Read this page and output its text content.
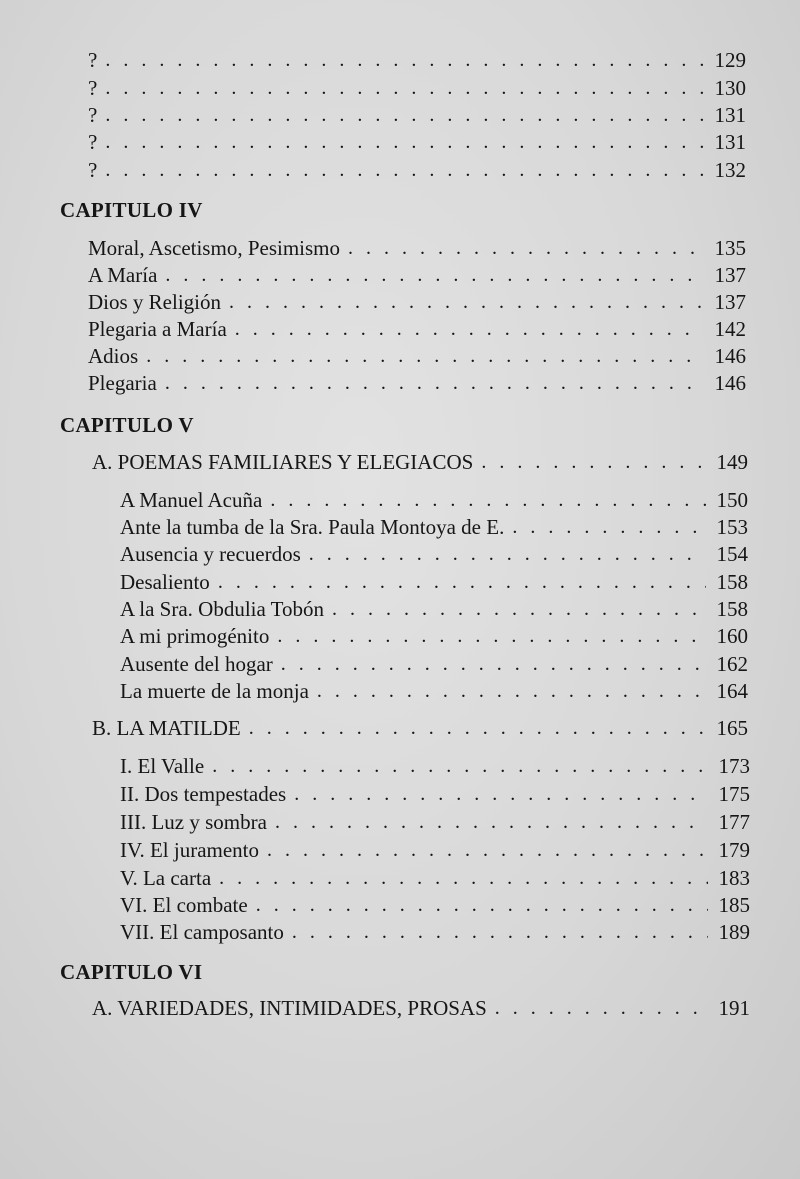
? . . .	129
? . . .	130
? . . .	131
? . . .	131
? . . .	132
CAPITULO IV
Moral, Ascetismo, Pesimismo . . .	135
A María . . .	137
Dios y Religión . . .	137
Plegaria a María . . .	142
Adios . . .	146
Plegaria . . .	146
CAPITULO V
A. POEMAS FAMILIARES Y ELEGIACOS . . .	149
A Manuel Acuña . . .	150
Ante la tumba de la Sra. Paula Montoya de E. . . .	153
Ausencia y recuerdos . . .	154
Desaliento . . .	158
A la Sra. Obdulia Tobón . . .	158
A mi primogénito . . .	160
Ausente del hogar . . .	162
La muerte de la monja . . .	164
B. LA MATILDE . . .	165
I. El Valle . . .	173
II. Dos tempestades . . .	175
III. Luz y sombra . . .	177
IV. El juramento . . .	179
V. La carta . . .	183
VI. El combate . . .	185
VII. El camposanto . . .	189
CAPITULO VI
A. VARIEDADES, INTIMIDADES, PROSAS . . .	191
